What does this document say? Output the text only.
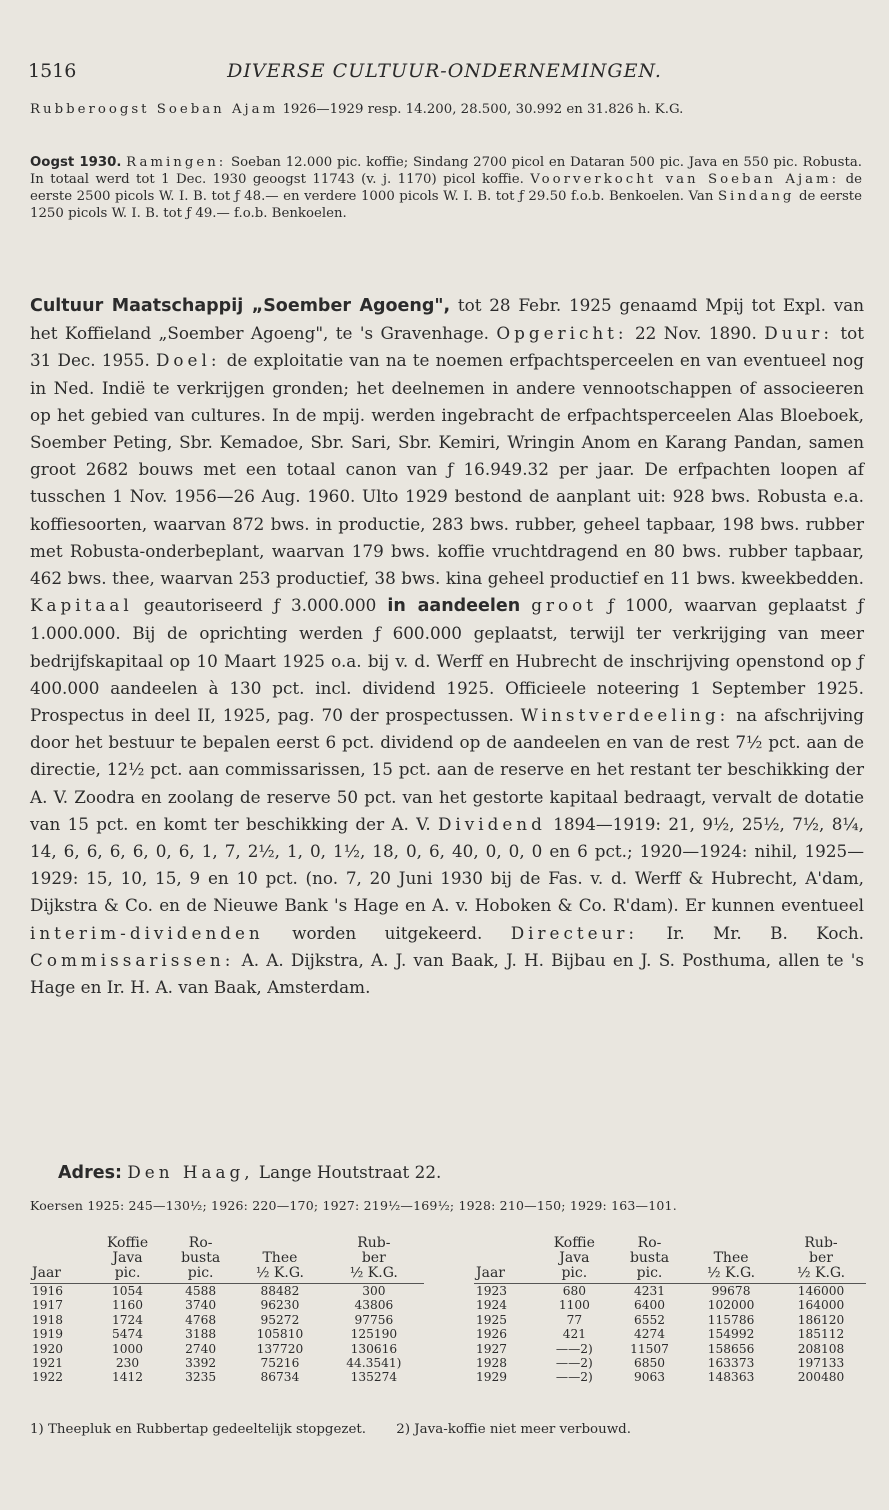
1516	DIVERSE CULTUUR-ONDERNEMINGEN.
Rubberoogst Soeban Ajam 1926—1929 resp. 14.200, 28.500, 30.992 en 31.826 h. K.G.
Oogst 1930. Ramingen: Soeban 12.000 pic. koffie; Sindang 2700 picol en Dataran 500 pic. Java en 550 pic. Robusta. In totaal werd tot 1 Dec. 1930 geoogst 11743 (v. j. 1170) picol koffie. Voorverkocht van Soeban Ajam: de eerste 2500 picols W. I. B. tot ƒ 48.— en verdere 1000 picols W. I. B. tot ƒ 29.50 f.o.b. Benkoelen. Van Sindang de eerste 1250 picols W. I. B. tot ƒ 49.— f.o.b. Benkoelen.

Cultuur Maatschappij „Soember Agoeng", tot 28 Febr. 1925 genaamd Mpij tot Expl. van het Koffieland „Soember Agoeng", te 's Gravenhage. Opgericht: 22 Nov. 1890. Duur: tot 31 Dec. 1955. Doel: de exploitatie van na te noemen erfpachtsperceelen en van eventueel nog in Ned. Indië te verkrijgen gronden; het deelnemen in andere vennootschappen of associeeren op het gebied van cultures. In de mpij. werden ingebracht de erfpachtsperceelen Alas Bloeboek, Soember Peting, Sbr. Kemadoe, Sbr. Sari, Sbr. Kemiri, Wringin Anom en Karang Pandan, samen groot 2682 bouws met een totaal canon van ƒ 16.949.32 per jaar. De erfpachten loopen af tusschen 1 Nov. 1956—26 Aug. 1960. Ulto 1929 bestond de aanplant uit: 928 bws. Robusta e.a. koffiesoorten, waarvan 872 bws. in productie, 283 bws. rubber, geheel tapbaar, 198 bws. rubber met Robusta-onderbeplant, waarvan 179 bws. koffie vruchtdragend en 80 bws. rubber tapbaar, 462 bws. thee, waarvan 253 productief, 38 bws. kina geheel productief en 11 bws. kweekbedden. Kapitaal geautoriseerd ƒ 3.000.000 in aandeelen groot ƒ 1000, waarvan geplaatst ƒ 1.000.000. Bij de oprichting werden ƒ 600.000 geplaatst, terwijl ter verkrijging van meer bedrijfskapitaal op 10 Maart 1925 o.a. bij v. d. Werff en Hubrecht de inschrijving openstond op ƒ 400.000 aandeelen à 130 pct. incl. dividend 1925. Officieele noteering 1 September 1925. Prospectus in deel II, 1925, pag. 70 der prospectussen. Winstverdeeling: na afschrijving door het bestuur te bepalen eerst 6 pct. dividend op de aandeelen en van de rest 7½ pct. aan de directie, 12½ pct. aan commissarissen, 15 pct. aan de reserve en het restant ter beschikking der A. V. Zoodra en zoolang de reserve 50 pct. van het gestorte kapitaal bedraagt, vervalt de dotatie van 15 pct. en komt ter beschikking der A. V. Dividend 1894—1919: 21, 9½, 25½, 7½, 8¼, 14, 6, 6, 6, 6, 0, 6, 1, 7, 2½, 1, 0, 1½, 18, 0, 6, 40, 0, 0, 0 en 6 pct.; 1920—1924: nihil, 1925—1929: 15, 10, 15, 9 en 10 pct. (no. 7, 20 Juni 1930 bij de Fas. v. d. Werff & Hubrecht, A'dam, Dijkstra & Co. en de Nieuwe Bank 's Hage en A. v. Hoboken & Co. R'dam). Er kunnen eventueel interim-dividenden worden uitgekeerd. Directeur: Ir. Mr. B. Koch. Commissarissen: A. A. Dijkstra, A. J. van Baak, J. H. Bijbau en J. S. Posthuma, allen te 's Hage en Ir. H. A. van Baak, Amsterdam.

Adres: Den Haag, Lange Houtstraat 22.
Koersen 1925: 245—130½; 1926: 220—170; 1927: 219½—169½; 1928: 210—150; 1929: 163—101.
	Koffie	Ro-		Rub-
	Java	busta	Thee	ber
Jaar	pic.	pic.	½ K.G.	½ K.G.
1916	1054	4588	88482	300
1917	1160	3740	96230	43806
1918	1724	4768	95272	97756
1919	5474	3188	105810	125190
1920	1000	2740	137720	130616
1921	230	3392	75216	44.3541)
1922	1412	3235	86734	135274
	Koffie	Ro-		Rub-
	Java	busta	Thee	ber
Jaar	pic.	pic.	½ K.G.	½ K.G.
1923	680	4231	99678	146000
1924	1100	6400	102000	164000
1925	77	6552	115786	186120
1926	421	4274	154992	185112
1927	——2)	11507	158656	208108
1928	——2)	6850	163373	197133
1929	——2)	9063	148363	200480

1) Theepluk en Rubbertap gedeeltelijk stopgezet. 2) Java-koffie niet meer verbouwd.
